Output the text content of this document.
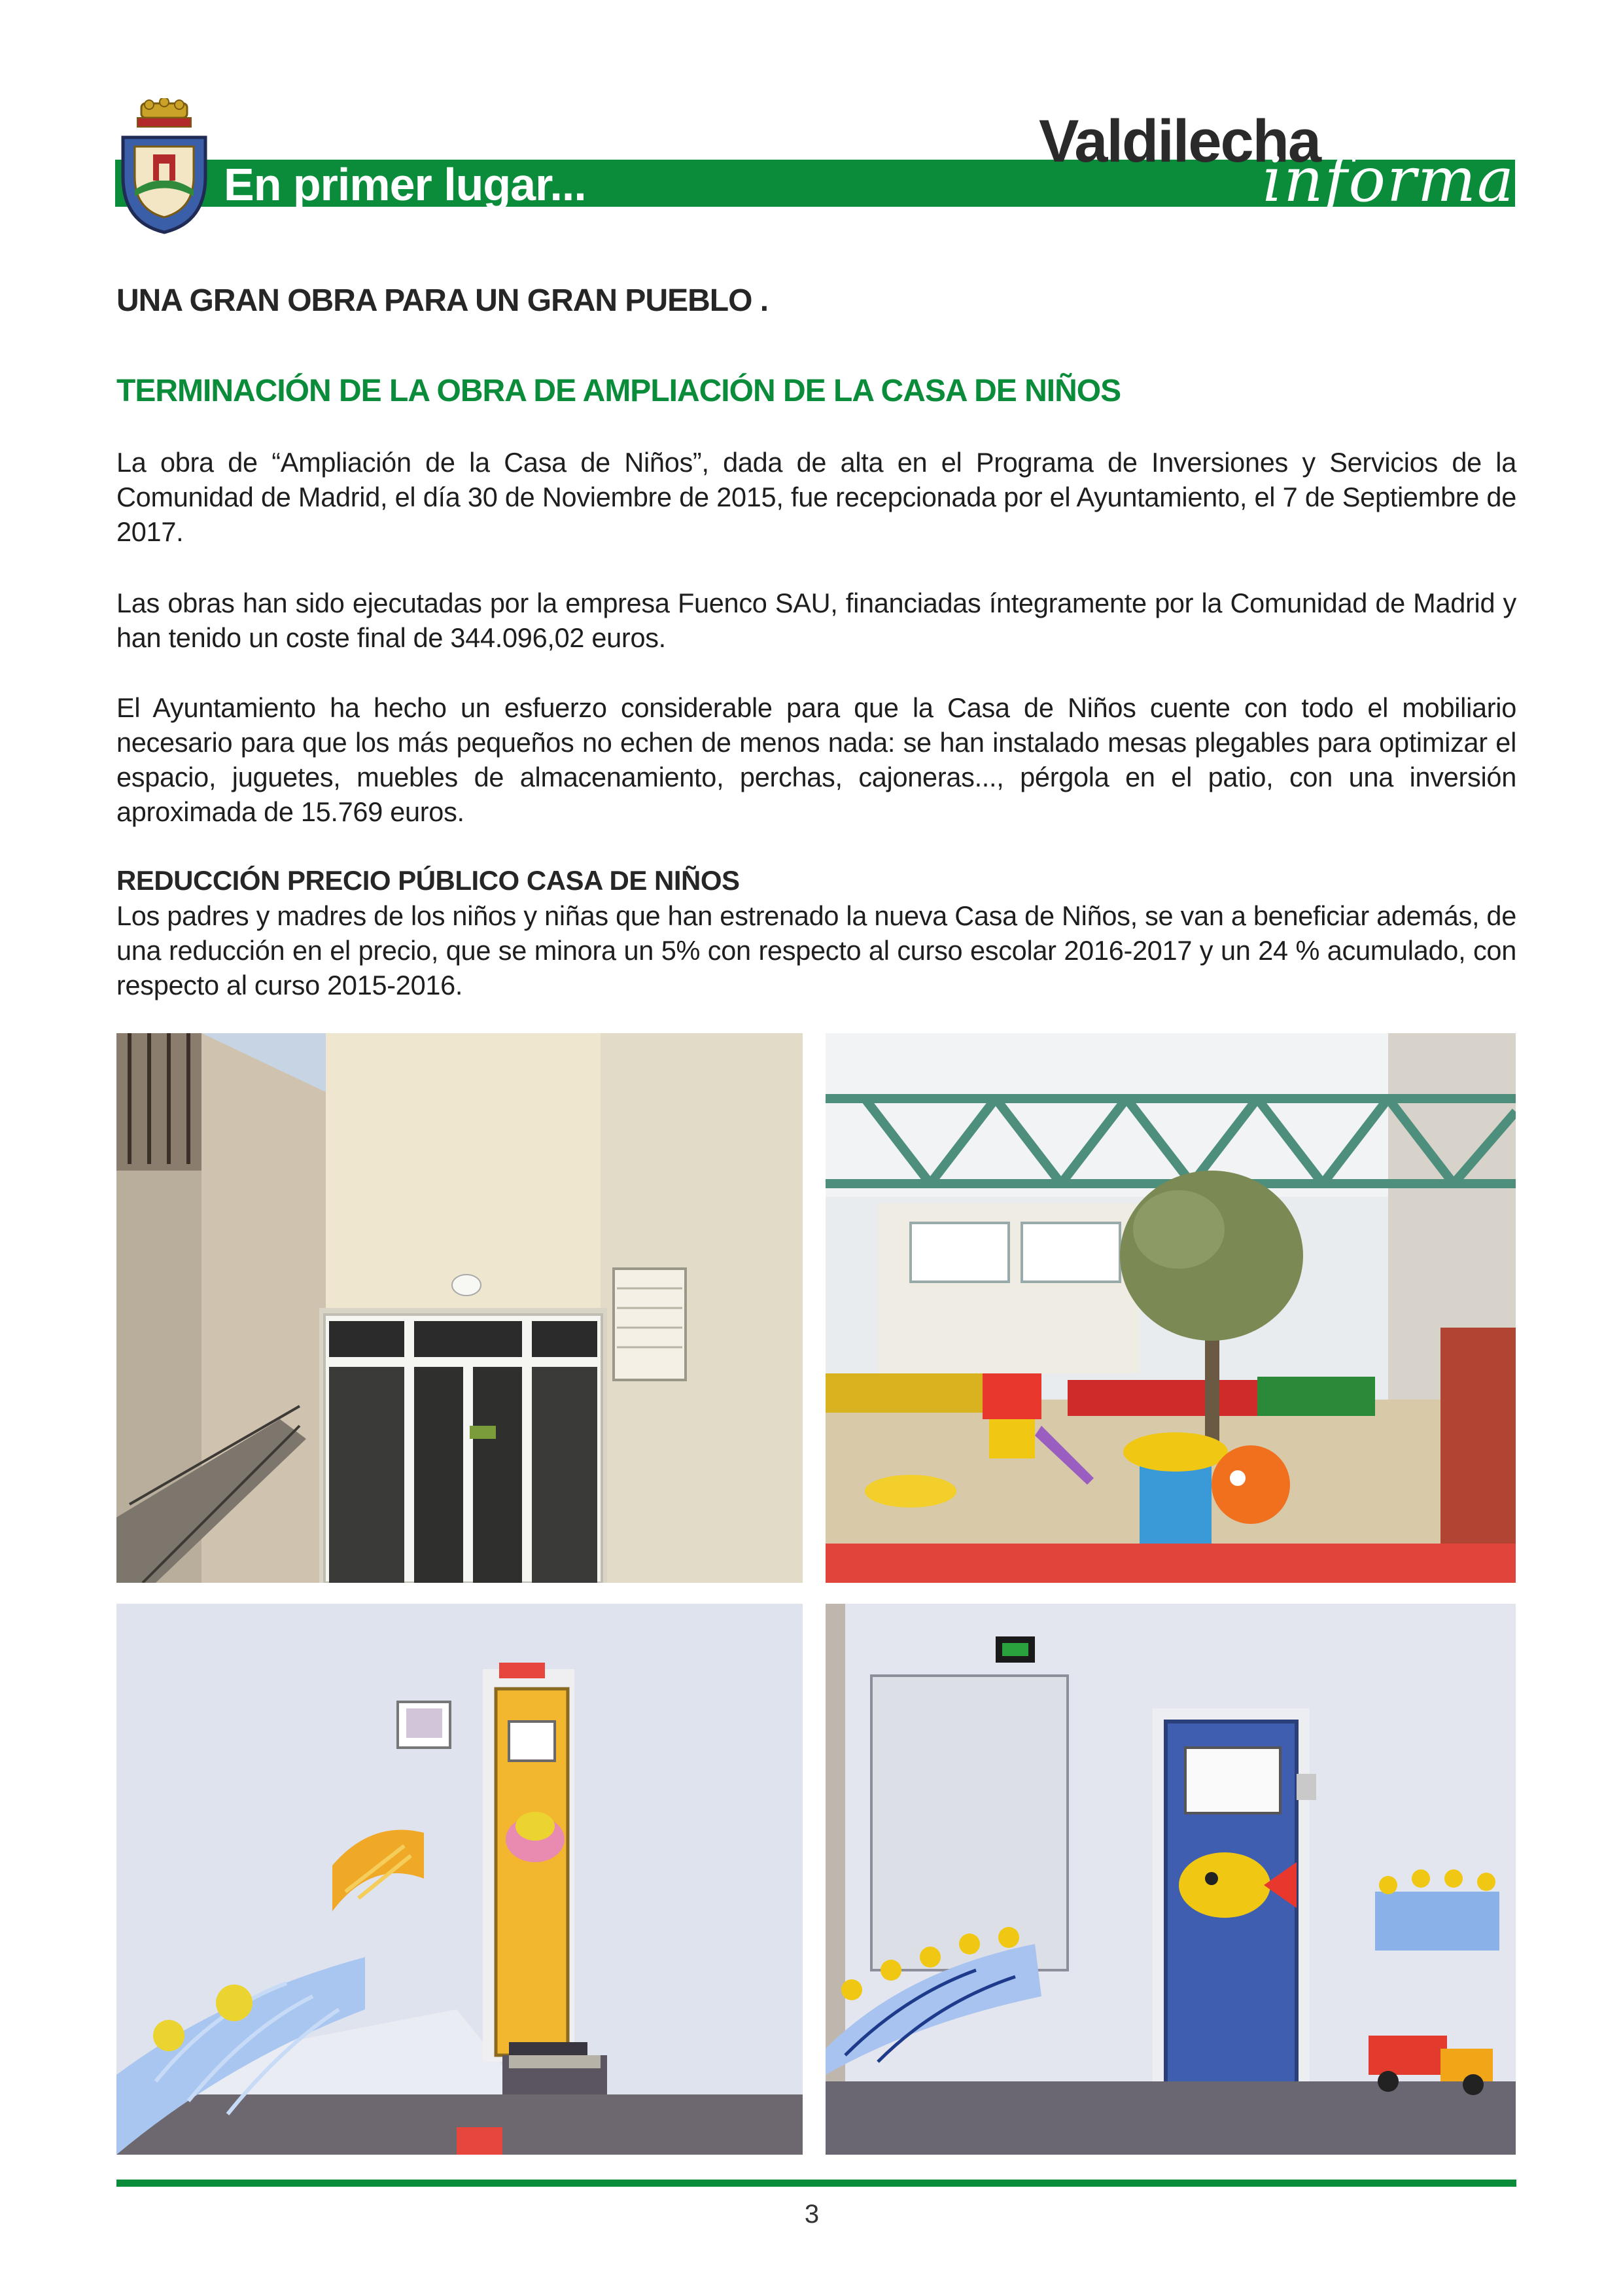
En primer lugar...
Valdilecha
informa
UNA GRAN OBRA PARA UN GRAN PUEBLO .
TERMINACIÓN DE LA OBRA DE AMPLIACIÓN DE LA CASA DE NIÑOS

La obra de “Ampliación de la Casa de Niños”, dada de alta en el Programa de Inversiones y Servicios de la Comunidad de Madrid, el día 30 de Noviembre de 2015, fue recepcionada por el Ayuntamiento, el 7 de Septiembre de 2017.

Las obras han sido ejecutadas por la empresa Fuenco SAU, financiadas íntegramente por la Comunidad de Madrid y han tenido un coste final de 344.096,02 euros.

El Ayuntamiento ha hecho un esfuerzo considerable para que la Casa de Niños cuente con todo el mobiliario necesario para que los más pequeños no echen de menos nada: se han instalado mesas plegables para optimizar el espacio, juguetes, muebles de almacenamiento, perchas, cajoneras..., pérgola en el patio, con una inversión aproximada de 15.769 euros.

REDUCCIÓN PRECIO PÚBLICO CASA DE NIÑOS

Los padres y madres de los niños y niñas que han estrenado la nueva Casa de Niños, se van a beneficiar además, de una reducción en el precio, que se minora un 5% con respecto al curso escolar 2016-2017 y un 24 % acumulado, con respecto al curso 2015-2016.

3
